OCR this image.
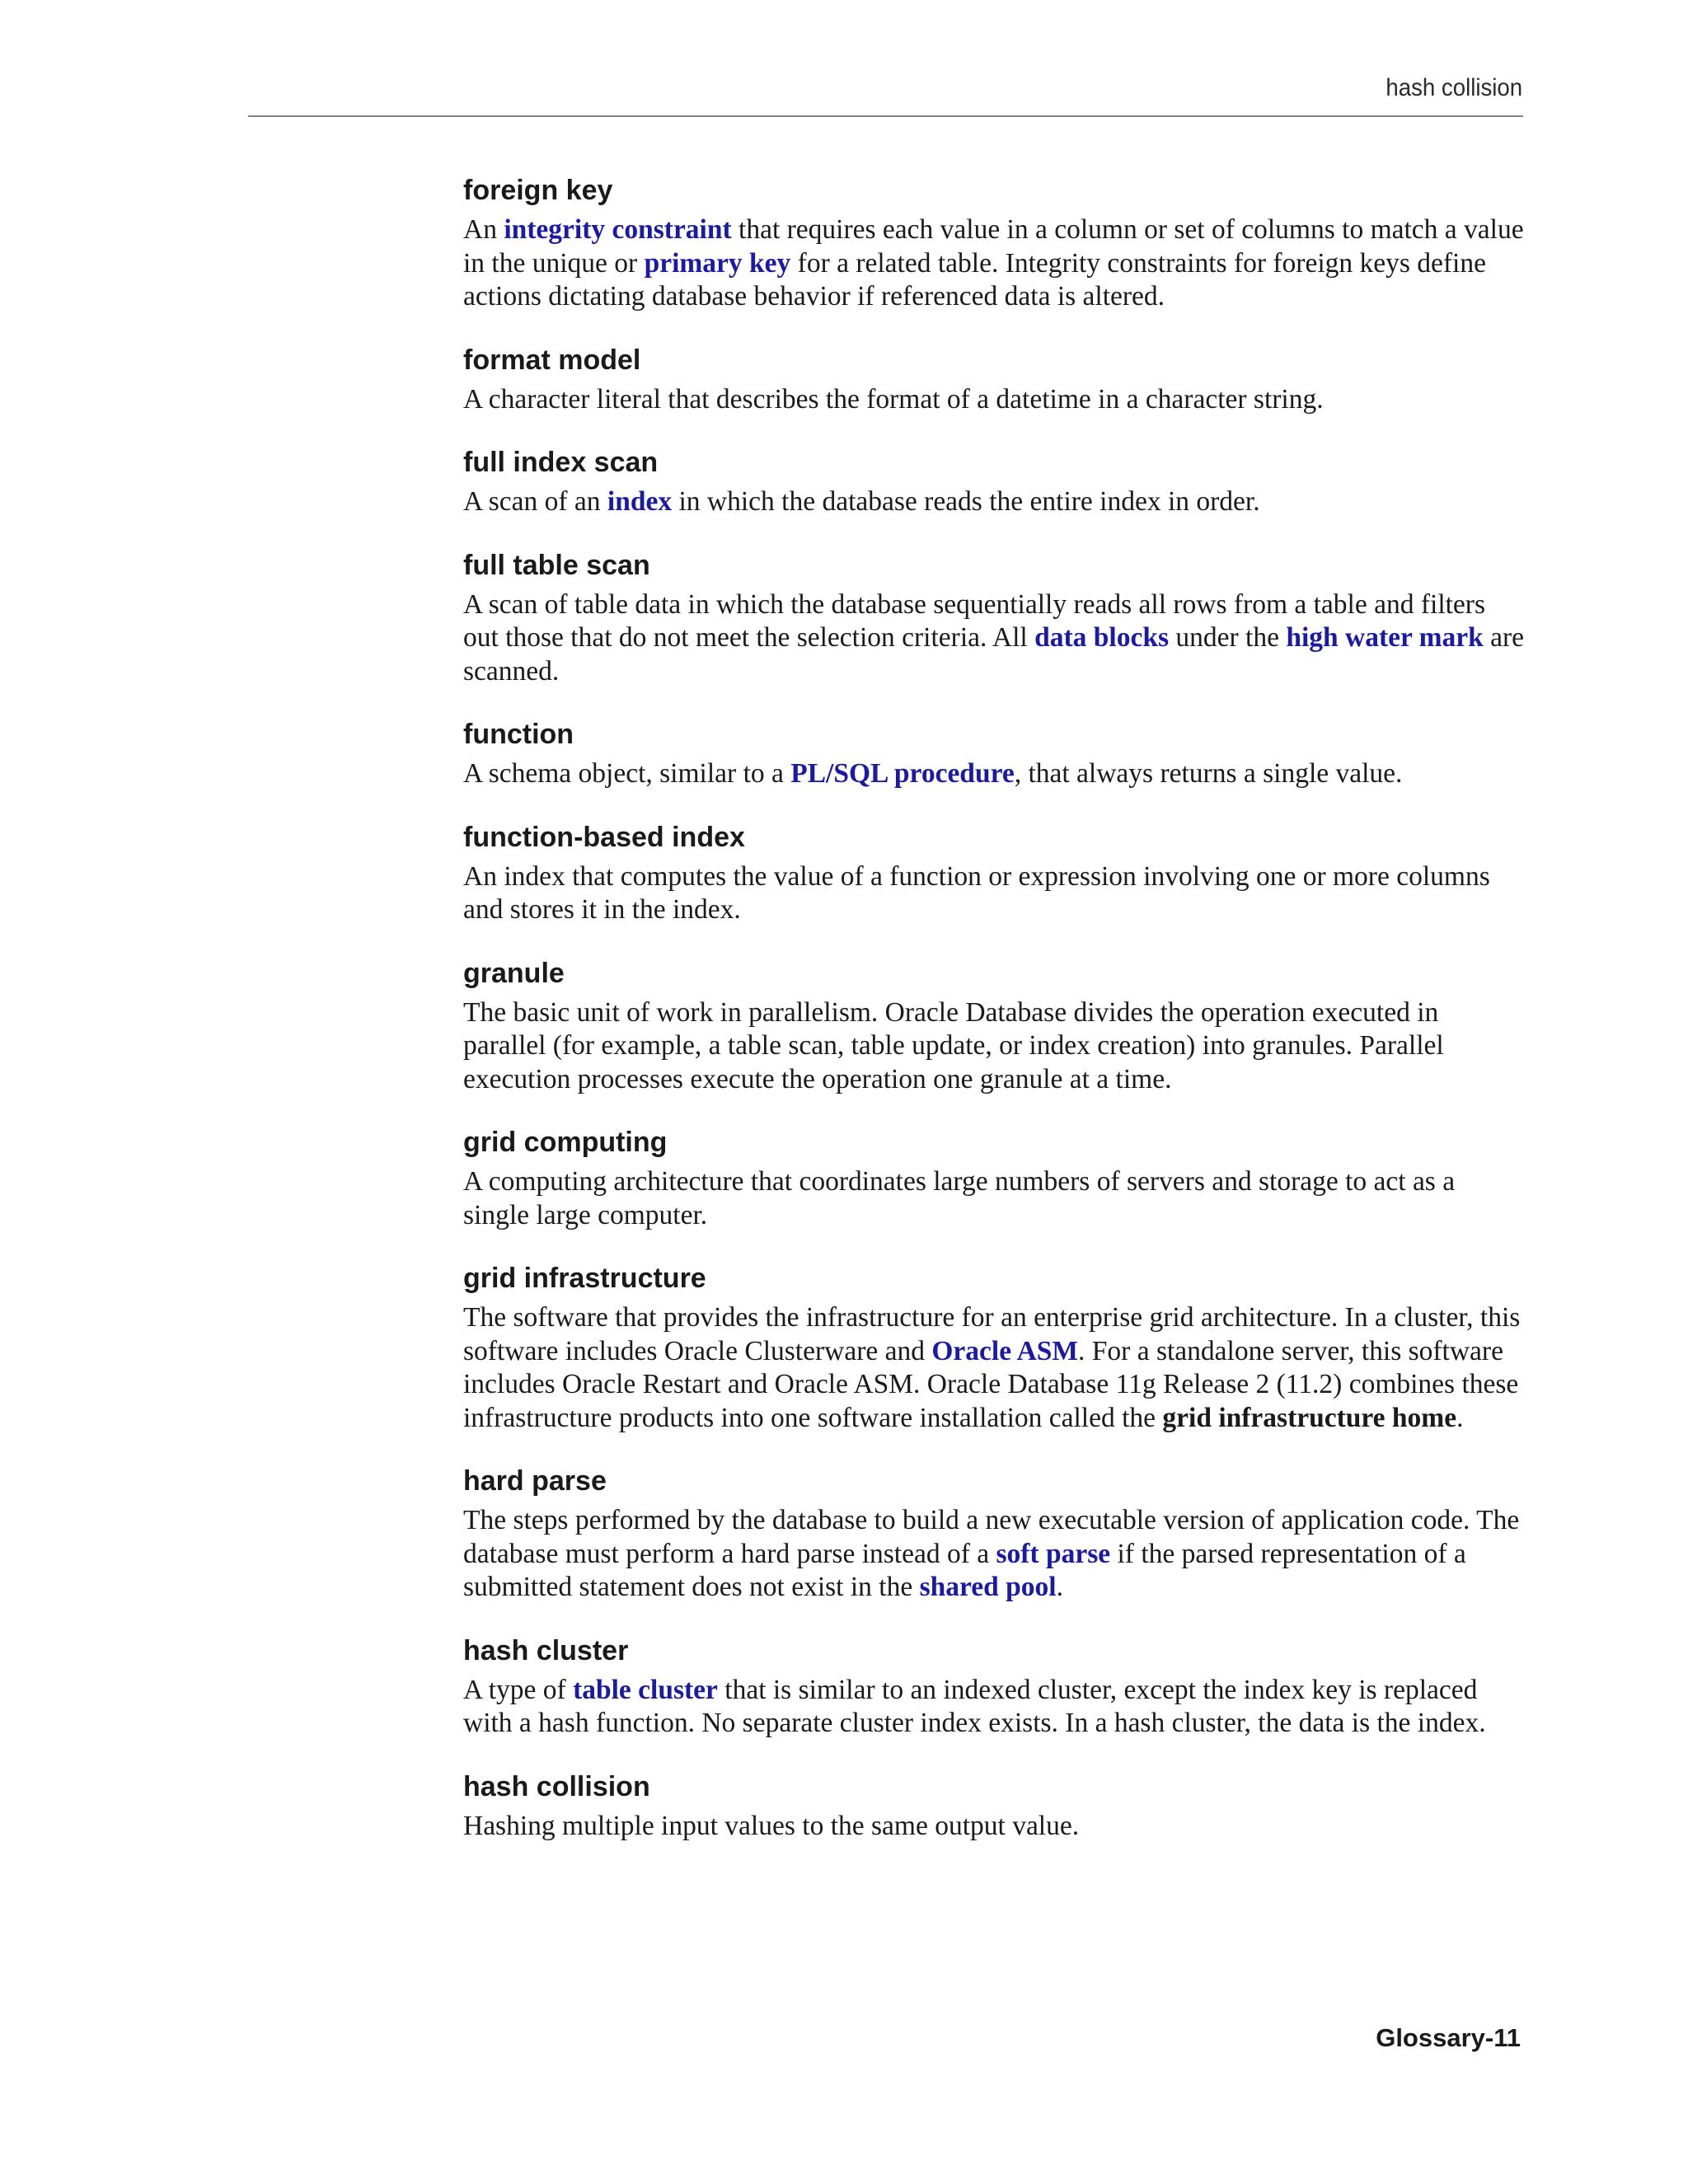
hash collision
foreign key

An integrity constraint that requires each value in a column or set of columns to match a value in the unique or primary key for a related table. Integrity constraints for foreign keys define actions dictating database behavior if referenced data is altered.

format model

A character literal that describes the format of a datetime in a character string.

full index scan

A scan of an index in which the database reads the entire index in order.

full table scan

A scan of table data in which the database sequentially reads all rows from a table and filters out those that do not meet the selection criteria. All data blocks under the high water mark are scanned.

function

A schema object, similar to a PL/SQL procedure, that always returns a single value.

function-based index

An index that computes the value of a function or expression involving one or more columns and stores it in the index.

granule

The basic unit of work in parallelism. Oracle Database divides the operation executed in parallel (for example, a table scan, table update, or index creation) into granules. Parallel execution processes execute the operation one granule at a time.

grid computing

A computing architecture that coordinates large numbers of servers and storage to act as a single large computer.

grid infrastructure

The software that provides the infrastructure for an enterprise grid architecture. In a cluster, this software includes Oracle Clusterware and Oracle ASM. For a standalone server, this software includes Oracle Restart and Oracle ASM. Oracle Database 11g Release 2 (11.2) combines these infrastructure products into one software installation called the grid infrastructure home.

hard parse

The steps performed by the database to build a new executable version of application code. The database must perform a hard parse instead of a soft parse if the parsed representation of a submitted statement does not exist in the shared pool.

hash cluster

A type of table cluster that is similar to an indexed cluster, except the index key is replaced with a hash function. No separate cluster index exists. In a hash cluster, the data is the index.

hash collision

Hashing multiple input values to the same output value.

Glossary-11
